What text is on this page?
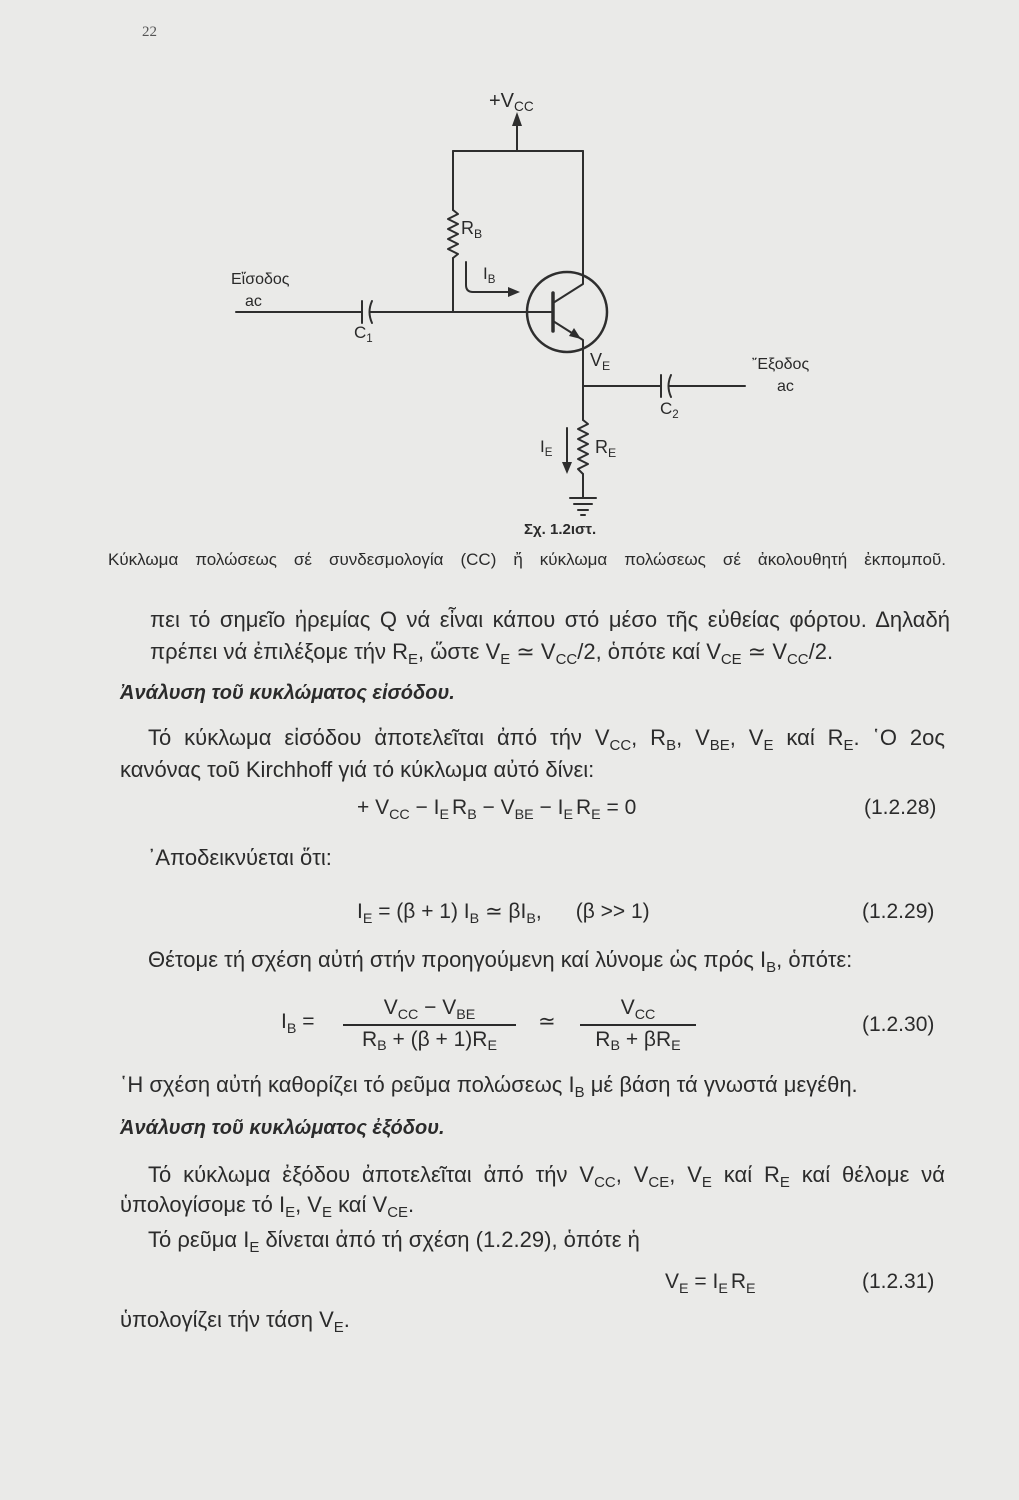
22
$+V_{CC}$
$R_B$
$I_B$
Εἴσοδος
ac
$C_1$
$V_E$	῎Εξοδος
ac
$C_2$
$I_E$ $R_E$
Σχ. 1.2ιστ.
Κύκλωμα πολώσεως σέ συνδεσμολογία (CC) ἤ κύκλωμα πολώσεως σέ ἀκολουθητή ἐκπομποῦ.
πει τό σημεῖο ἠρεμίας Q νά εἶναι κάπου στό μέσο τῆς εὐθείας φόρτου. Δηλαδή
πρέπει νά ἐπιλέξομε τήν $R_E$, ὥστε $V_E$ ≃ $V_{CC}/2$, ὁπότε καί $V_{CE}$ ≃ $V_{CC}/2$.
Ἀνάλυση τοῦ κυκλώματος εἰσόδου.
Τό κύκλωμα εἰσόδου ἀποτελεῖται ἀπό τήν $V_{CC}$, $R_B$, $V_{BE}$, $V_E$ καί $R_E$. ῾Ο 2ος
κανόνας τοῦ Kirchhoff γιά τό κύκλωμα αὐτό δίνει:
+ $V_{CC} - I_E$ $R_B - V_{BE} - I_E$ $R_E = 0$	(1.2.28)
᾿Αποδεικνύεται ὅτι:
$I_E = (\beta + 1)$ $I_B$ ≃ $\beta I_B$, (β >> 1)	(1.2.29)
Θέτομε τή σχέση αὐτή στήν προηγούμενη καί λύνομε ὡς πρός $I_B$, ὁπότε:
$I_B$ =
$V_{CC} - V_{BE}$
$R_B + (\beta + 1)R_E$
≃
$V_{CC}$
$R_B + \beta R_E$
(1.2.30)
῾Η σχέση αὐτή καθορίζει τό ρεῦμα πολώσεως $I_B$ μέ βάση τά γνωστά μεγέθη.
Ἀνάλυση τοῦ κυκλώματος ἐξόδου.
Τό κύκλωμα ἐξόδου ἀποτελεῖται ἀπό τήν $V_{CC}$, $V_{CE}$, $V_E$ καί $R_E$ καί θέλομε νά
ὑπολογίσομε τό $I_E$, $V_E$ καί $V_{CE}$.
Τό ρεῦμα $I_E$ δίνεται ἀπό τή σχέση (1.2.29), ὁπότε ἡ
$V_E = I_E$ $R_E$	(1.2.31)
ὑπολογίζει τήν τάση $V_E$.
